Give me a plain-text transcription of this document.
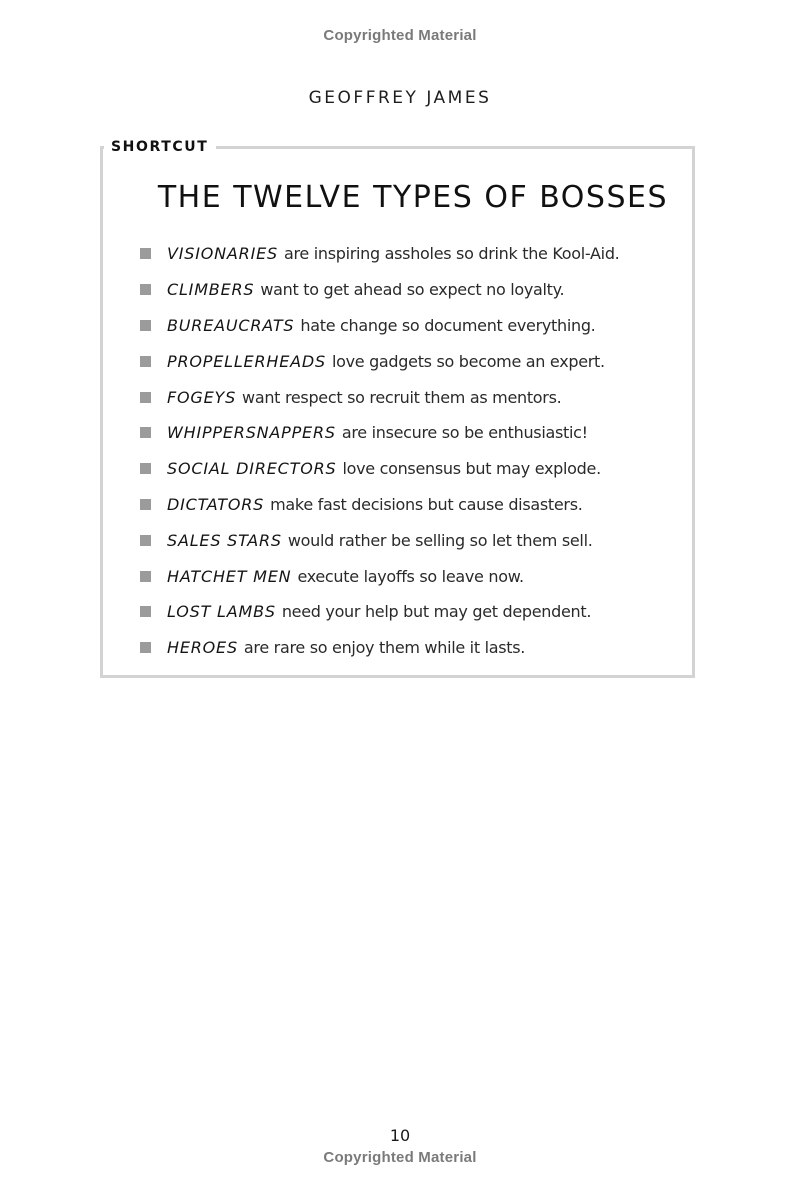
Copyrighted Material
GEOFFREY JAMES
SHORTCUT
THE TWELVE TYPES OF BOSSES
VISIONARIES are inspiring assholes so drink the Kool-Aid.
CLIMBERS want to get ahead so expect no loyalty.
BUREAUCRATS hate change so document everything.
PROPELLERHEADS love gadgets so become an expert.
FOGEYS want respect so recruit them as mentors.
WHIPPERSNAPPERS are insecure so be enthusiastic!
SOCIAL DIRECTORS love consensus but may explode.
DICTATORS make fast decisions but cause disasters.
SALES STARS would rather be selling so let them sell.
HATCHET MEN execute layoffs so leave now.
LOST LAMBS need your help but may get dependent.
HEROES are rare so enjoy them while it lasts.
10
Copyrighted Material
